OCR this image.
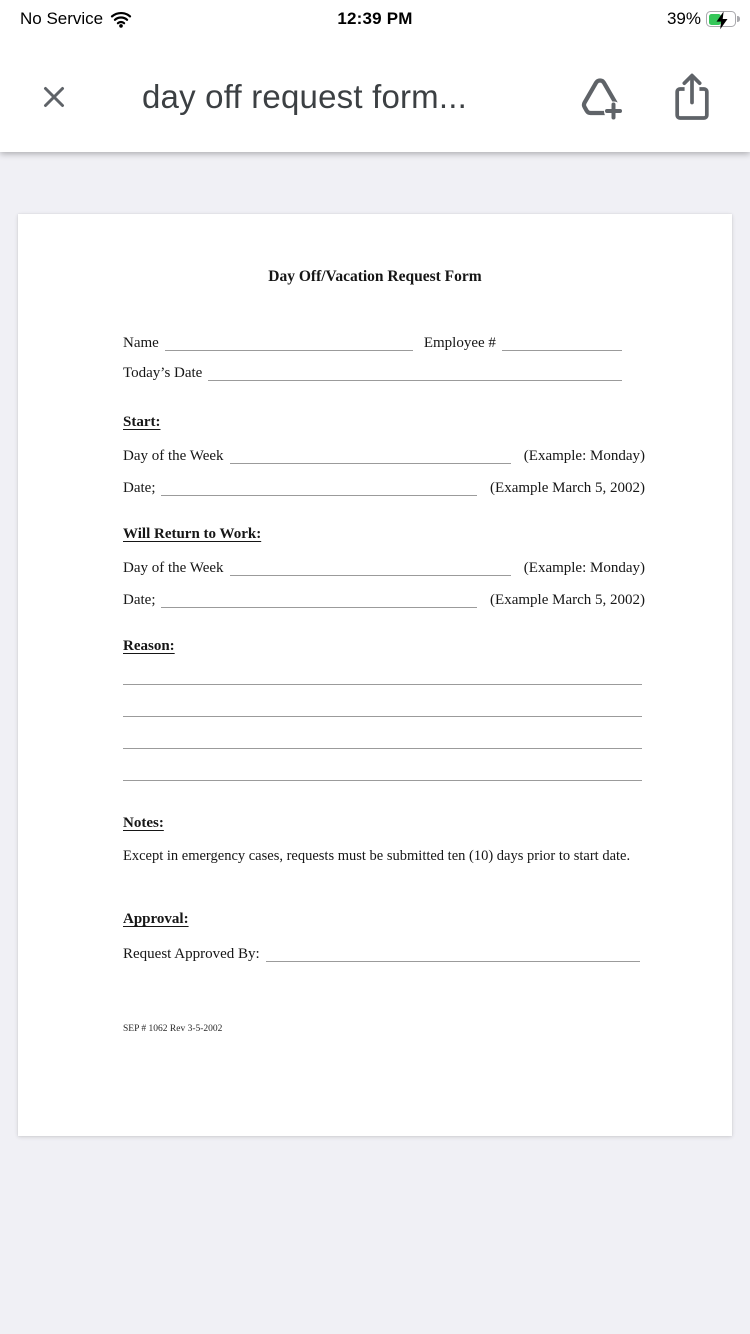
No Service	12:39 PM	39%
day off request form...
Day Off/Vacation Request Form
Name	Employee #
Today’s Date
Start:
Day of the Week	(Example: Monday)
Date;	(Example March 5, 2002)
Will Return to Work:
Day of the Week	(Example: Monday)
Date;	(Example March 5, 2002)
Reason:
Notes:
Except in emergency cases, requests must be submitted ten (10) days prior to start date.
Approval:
Request Approved By:
SEP # 1062 Rev 3-5-2002
